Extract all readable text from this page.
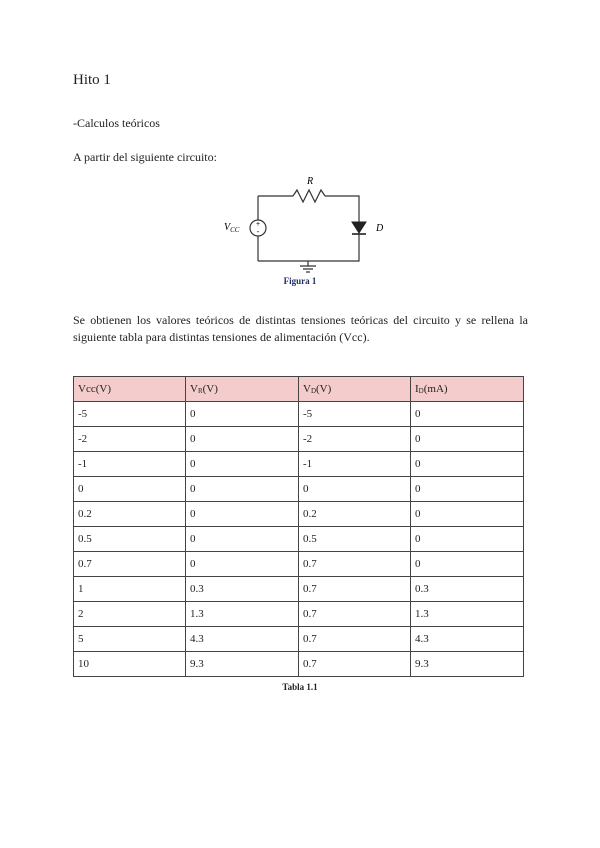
Hito 1
-Calculos teóricos
A partir del siguiente circuito:
+
-
R
$V_{CC}$	D
Figura 1
Se obtienen los valores teóricos de distintas tensiones teóricas del circuito y se rellena la siguiente tabla para distintas tensiones de alimentación (Vcc).
Vcc(V)	VR(V)	VD(V)	ID(mA)
-5	0	-5	0
-2	0	-2	0
-1	0	-1	0
0	0	0	0
0.2	0	0.2	0
0.5	0	0.5	0
0.7	0	0.7	0
1	0.3	0.7	0.3
2	1.3	0.7	1.3
5	4.3	0.7	4.3
10	9.3	0.7	9.3
Tabla 1.1
